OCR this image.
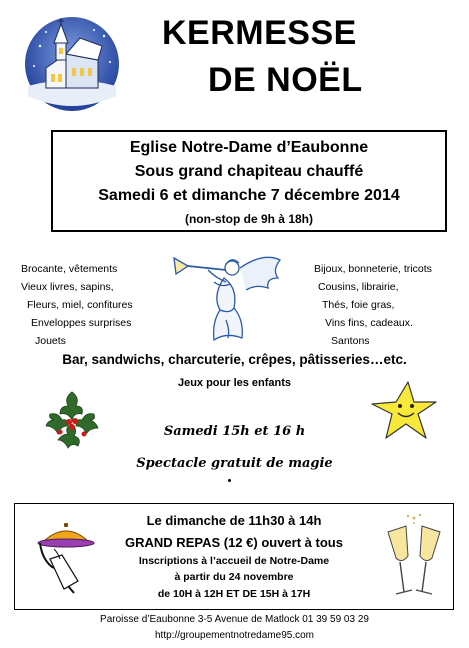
KERMESSE
DE NOËL
Eglise Notre-Dame d’Eaubonne
Sous grand chapiteau chauffé
Samedi 6 et dimanche 7 décembre 2014
(non-stop de 9h à 18h)
Brocante, vêtements
Vieux livres, sapins,
Fleurs, miel, confitures
Enveloppes surprises
Jouets
Bijoux, bonneterie, tricots
Cousins, librairie,
Thés, foie gras,
Vins fins, cadeaux.
Santons
Bar, sandwichs, charcuterie, crêpes, pâtisseries…etc.
Jeux pour les enfants
Samedi 15h et 16 h
Spectacle gratuit de magie
Le dimanche de 11h30 à 14h
GRAND REPAS (12 €) ouvert à tous
Inscriptions à l’accueil de Notre-Dame
à partir du 24 novembre
de 10H à 12H ET DE 15H à 17H
Paroisse d’Eaubonne 3-5 Avenue de Matlock 01 39 59 03 29
http://groupementnotredame95.com
